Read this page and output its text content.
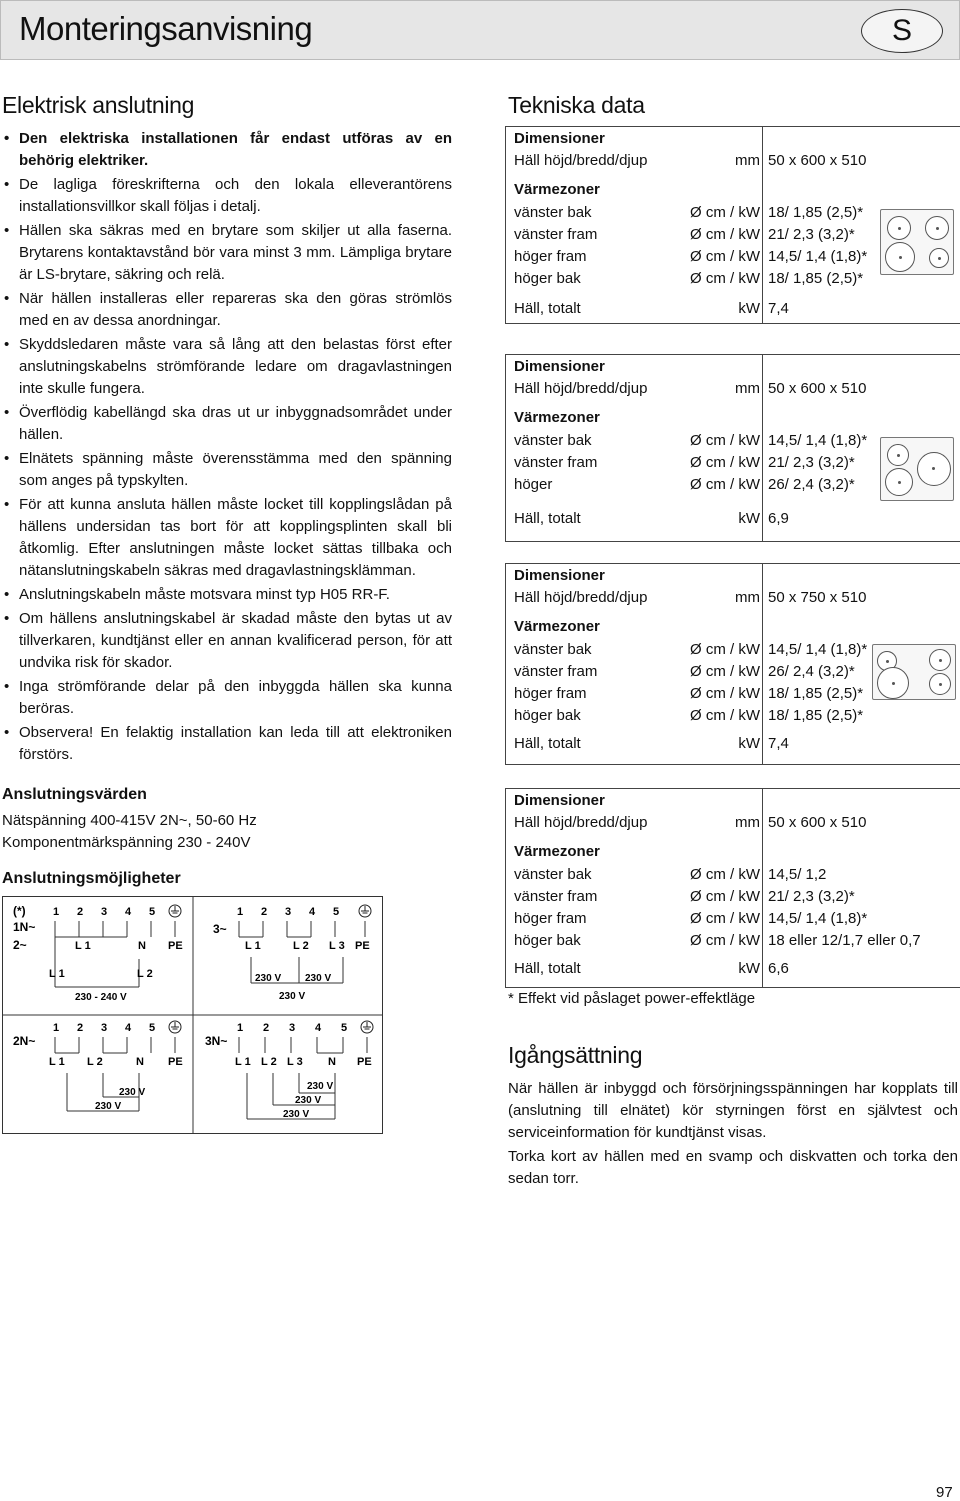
Monteringsanvisning	S
Elektrisk anslutning
• Den elektriska installationen får endast utföras av en behörig elektriker.
• De lagliga föreskrifterna och den lokala elleverantörens installationsvillkor skall följas i detalj.
• Hällen ska säkras med en brytare som skiljer ut alla faserna. Brytarens kontaktavstånd bör vara minst 3 mm. Lämpliga brytare är LS-brytare, säkring och relä.
• När hällen installeras eller repareras ska den göras strömlös med en av dessa anordningar.
• Skyddsledaren måste vara så lång att den belastas först efter anslutningskabelns strömförande ledare om dragavlastningen inte skulle fungera.
• Överflödig kabellängd ska dras ut ur inbyggnadsområdet under hällen.
• Elnätets spänning måste överensstämma med den spänning som anges på typskylten.
• För att kunna ansluta hällen måste locket till kopplingslådan på hällens undersidan tas bort för att kopplingsplinten skall bli åtkomlig. Efter anslutningen måste locket sättas tillbaka och nätanslutningskabeln säkras med dragavlastningsklämman.
• Anslutningskabeln måste motsvara minst typ H05 RR-F.
• Om hällens anslutningskabel är skadad måste den bytas ut av tillverkaren, kundtjänst eller en annan kvalificerad person, för att undvika risk för skador.
• Inga strömförande delar på den inbyggda hällen ska kunna beröras.
• Observera! En felaktig installation kan leda till att elektroniken förstörs.
Anslutningsvärden
Nätspänning 400-415V 2N~, 50-60 Hz
Komponentmärkspänning 230 - 240V
Anslutningsmöjligheter
(*)
1N~
2~
1 2 3 4 5
L 1	N PE
L 1	L 2
230 - 240 V
3~
1 2 3 4 5
L 1	L 2 L 3 PE
230 V 230 V
230 V
2N~
1 2 3 4 5
L 1 L 2	N PE
230 V
230 V
3N~
1 2 3 4 5
L 1 L 2 L 3 N PE
230 V
230 V
230 V
Tekniska data
Dimensioner
Häll höjd/bredd/djup	mm 50 x 600 x 510
Värmezoner
vänster bak	Ø cm / kW 18/ 1,85 (2,5)*
vänster fram	Ø cm / kW 21/ 2,3 (3,2)*
höger fram	Ø cm / kW 14,5/ 1,4 (1,8)*
höger bak	Ø cm / kW 18/ 1,85 (2,5)*
Häll, totalt	kW 7,4
Dimensioner
Häll höjd/bredd/djup	mm 50 x 600 x 510
Värmezoner
vänster bak	Ø cm / kW 14,5/ 1,4 (1,8)*
vänster fram	Ø cm / kW 21/ 2,3 (3,2)*
höger	Ø cm / kW 26/ 2,4 (3,2)*
Häll, totalt	kW 6,9
Dimensioner
Häll höjd/bredd/djup	mm 50 x 750 x 510
Värmezoner
vänster bak	Ø cm / kW 14,5/ 1,4 (1,8)*
vänster fram	Ø cm / kW 26/ 2,4 (3,2)*
höger fram	Ø cm / kW 18/ 1,85 (2,5)*
höger bak	Ø cm / kW 18/ 1,85 (2,5)*
Häll, totalt	kW 7,4
Dimensioner
Häll höjd/bredd/djup	mm 50 x 600 x 510
Värmezoner
vänster bak	Ø cm / kW 14,5/ 1,2
vänster fram	Ø cm / kW 21/ 2,3 (3,2)*
höger fram	Ø cm / kW 14,5/ 1,4 (1,8)*
höger bak	Ø cm / kW 18 eller 12/1,7 eller 0,7
Häll, totalt	kW 6,6
* Effekt vid påslaget power-effektläge
Igångsättning
När hällen är inbyggd och försörjningsspänningen har kopplats till (anslutning till elnätet) kör styrningen först en självtest och serviceinformation för kundtjänst visas.
Torka kort av hällen med en svamp och diskvatten och torka den sedan torr.
97
